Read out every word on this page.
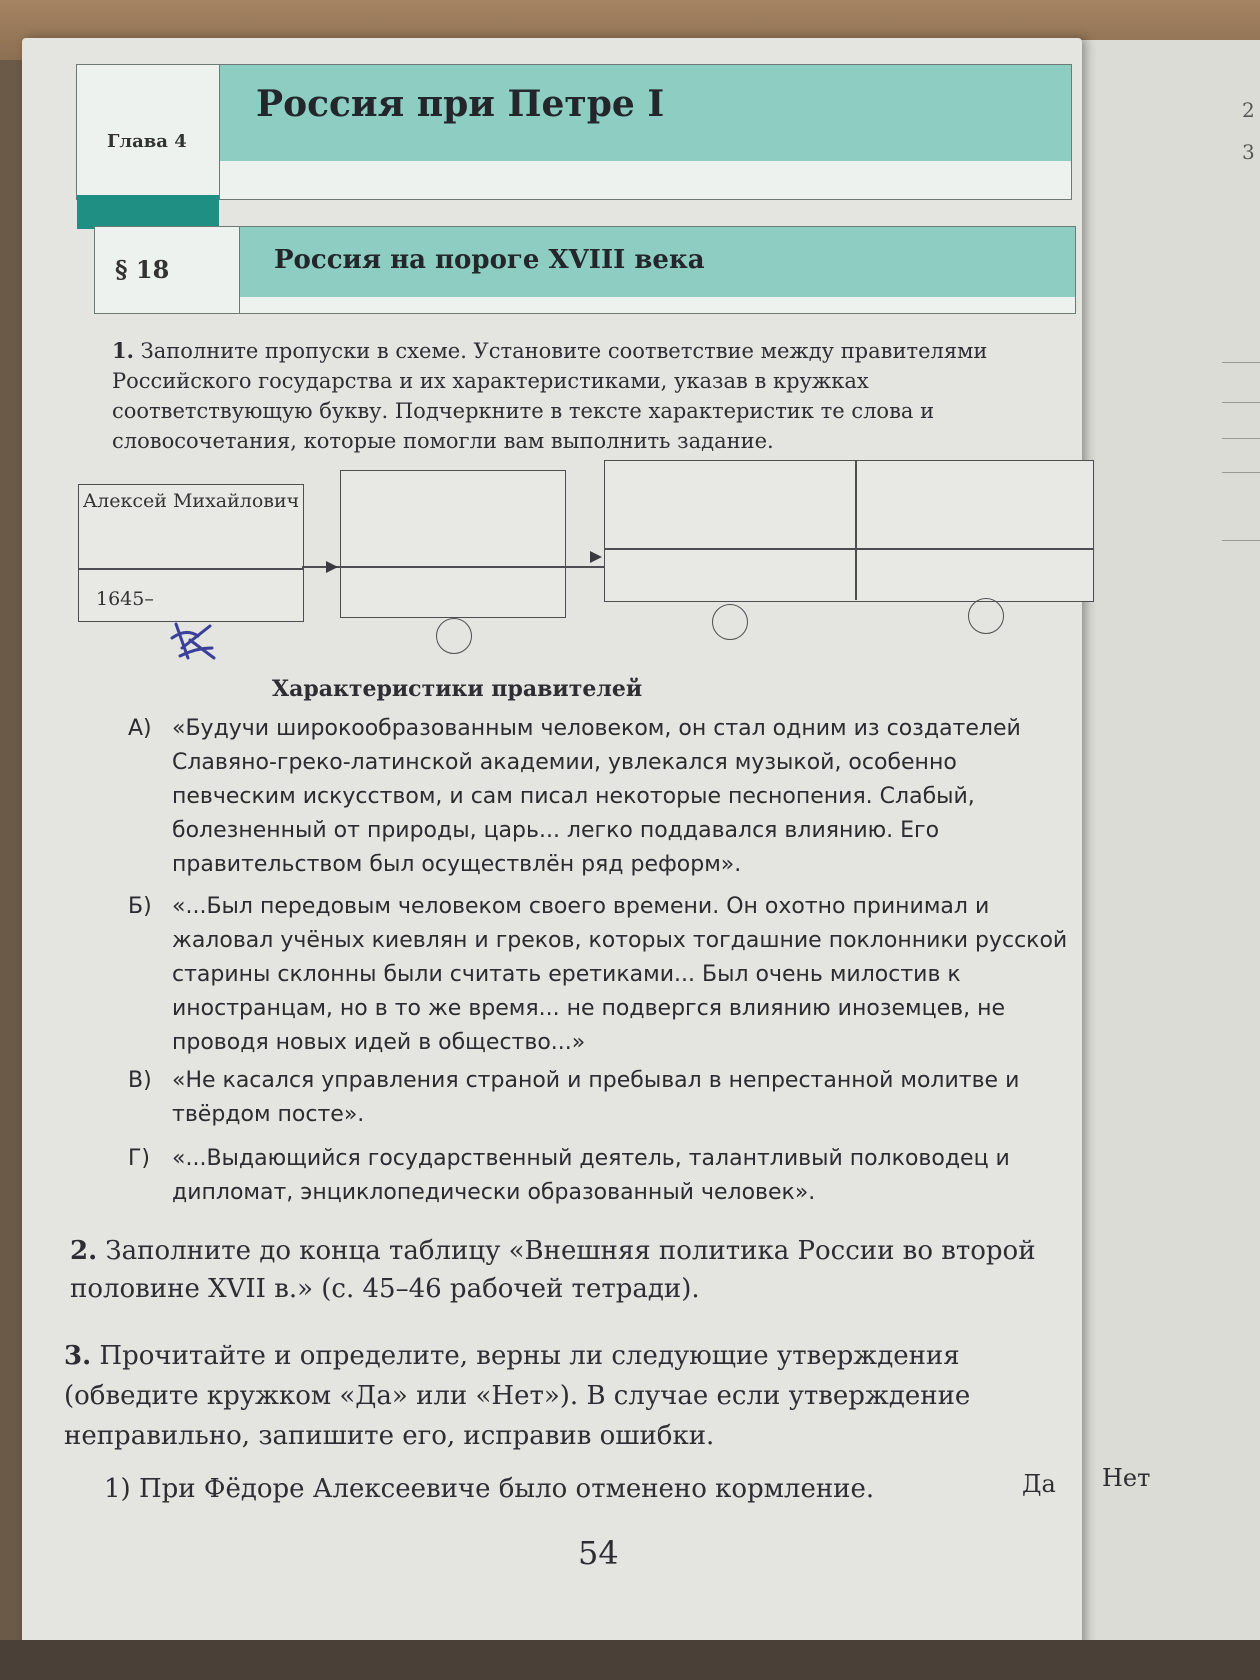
2
3
Глава 4
Россия при Петре I
§ 18	Россия на пороге XVIII века
1. Заполните пропуски в схеме. Установите соответствие между правителями Российского государства и их характеристиками, указав в кружках соответствующую букву. Подчеркните в тексте характеристик те слова и словосочетания, которые помогли вам выполнить задание.
Алексей Михайлович
1645–
Характеристики правителей
А) «Будучи широкообразованным человеком, он стал одним из создателей Славяно-греко-латинской академии, увлекался музыкой, особенно певческим искусством, и сам писал некоторые песнопения. Слабый, болезненный от природы, царь... легко поддавался влиянию. Его правительством был осуществлён ряд реформ».
Б) «...Был передовым человеком своего времени. Он охотно принимал и жаловал учёных киевлян и греков, которых тогдашние поклонники русской старины склонны были считать еретиками... Был очень милостив к иностранцам, но в то же время... не подвергся влиянию иноземцев, не проводя новых идей в общество...»
В) «Не касался управления страной и пребывал в непрестанной молитве и твёрдом посте».
Г)	«...Выдающийся государственный деятель, талантливый полководец и дипломат, энциклопедически образованный человек».
2. Заполните до конца таблицу «Внешняя политика России во второй половине XVII в.» (с. 45–46 рабочей тетради).
3. Прочитайте и определите, верны ли следующие утверждения (обведите кружком «Да» или «Нет»). В случае если утверждение неправильно, запишите его, исправив ошибки.
1) При Фёдоре Алексеевиче было отменено кормление.	Да Нет
54
